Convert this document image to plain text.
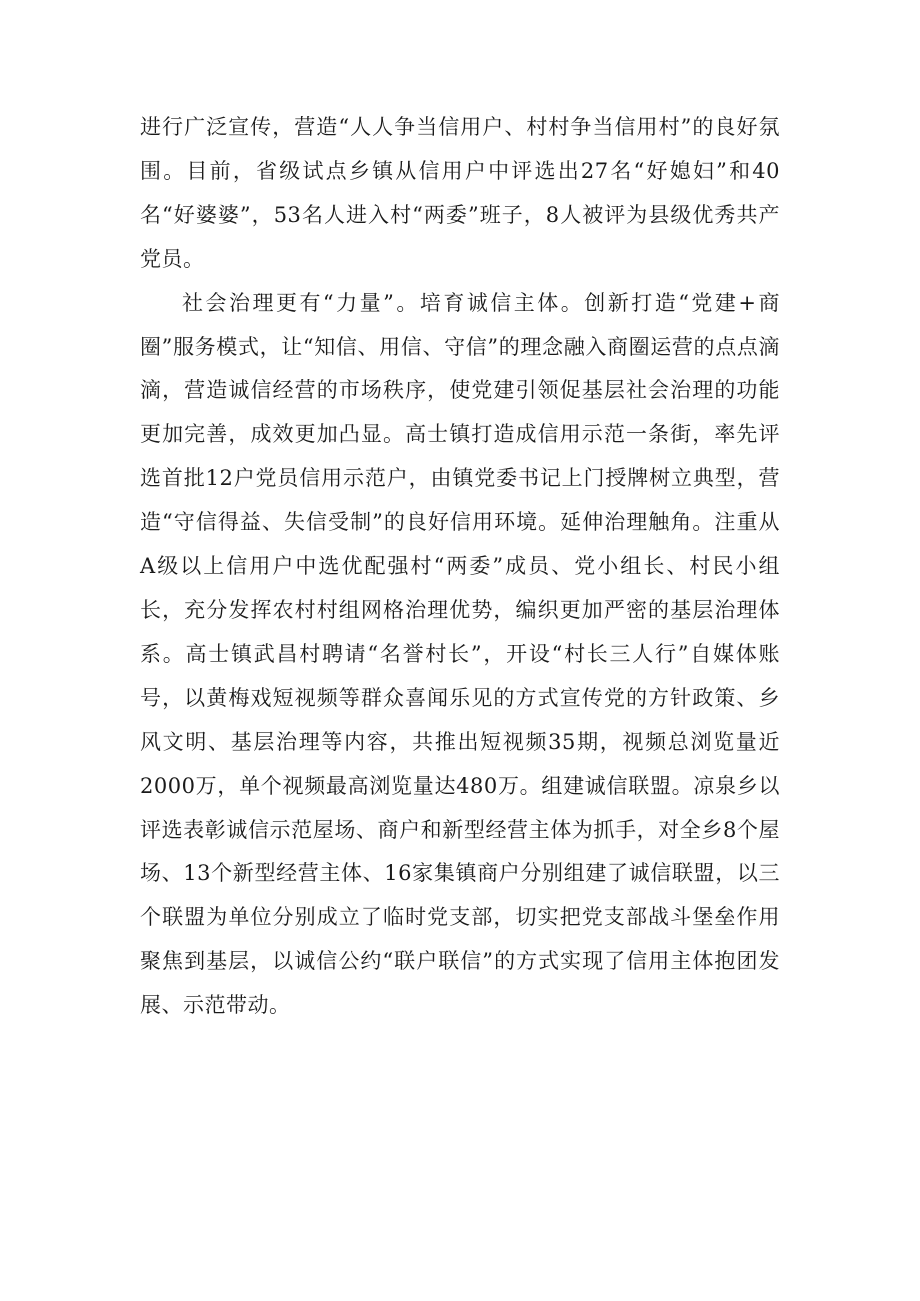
进行广泛宣传，营造“人人争当信用户、村村争当信用村”的良好氛围。目前，省级试点乡镇从信用户中评选出27名“好媳妇”和40名“好婆婆”，53名人进入村“两委”班子，8人被评为县级优秀共产党员。

社会治理更有“力量”。培育诚信主体。创新打造“党建+商圈”服务模式，让“知信、用信、守信”的理念融入商圈运营的点点滴滴，营造诚信经营的市场秩序，使党建引领促基层社会治理的功能更加完善，成效更加凸显。高士镇打造成信用示范一条街，率先评选首批12户党员信用示范户，由镇党委书记上门授牌树立典型，营造“守信得益、失信受制”的良好信用环境。延伸治理触角。注重从A级以上信用户中选优配强村“两委”成员、党小组长、村民小组长，充分发挥农村村组网格治理优势，编织更加严密的基层治理体系。高士镇武昌村聘请“名誉村长”，开设“村长三人行”自媒体账号，以黄梅戏短视频等群众喜闻乐见的方式宣传党的方针政策、乡风文明、基层治理等内容，共推出短视频35期，视频总浏览量近2000万，单个视频最高浏览量达480万。组建诚信联盟。凉泉乡以评选表彰诚信示范屋场、商户和新型经营主体为抓手，对全乡8个屋场、13个新型经营主体、16家集镇商户分别组建了诚信联盟，以三个联盟为单位分别成立了临时党支部，切实把党支部战斗堡垒作用聚焦到基层，以诚信公约“联户联信”的方式实现了信用主体抱团发展、示范带动。
